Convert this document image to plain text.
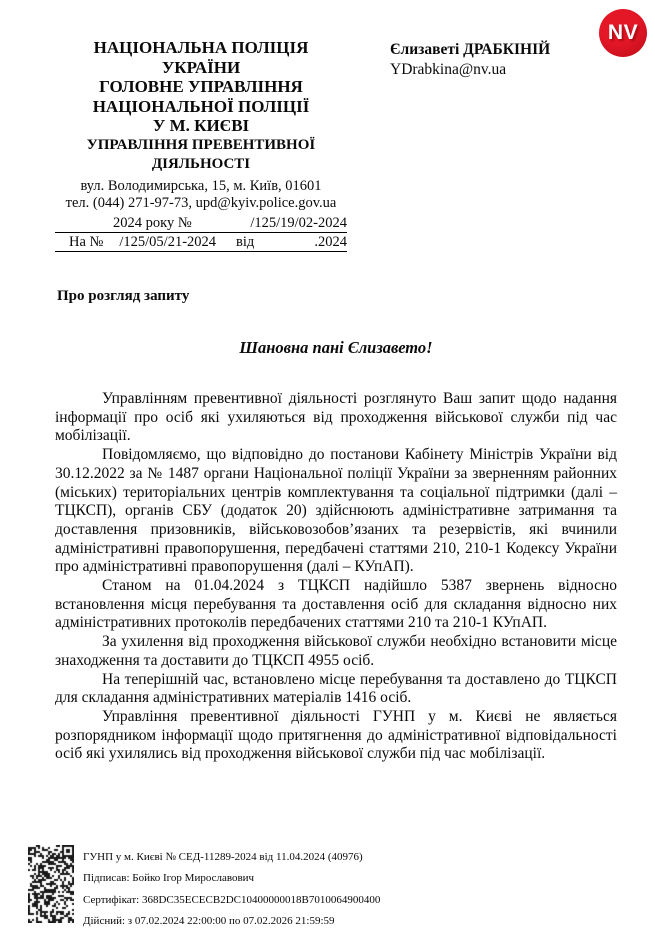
NV
НАЦІОНАЛЬНА ПОЛІЦІЯ
УКРАЇНИ
ГОЛОВНЕ УПРАВЛІННЯ
НАЦІОНАЛЬНОЇ ПОЛІЦІЇ
У М. КИЄВІ
УПРАВЛІННЯ ПРЕВЕНТИВНОЇ
ДІЯЛЬНОСТІ
вул. Володимирська, 15, м. Київ, 01601
тел. (044) 271-97-73, upd@kyiv.police.gov.ua
2024 року №	/125/19/02-2024
На № /125/05/21-2024 від	.2024
Єлизаветі ДРАБКІНІЙ
YDrabkina@nv.ua
Про розгляд запиту
Шановна пані Єлизавето!

Управлінням превентивної діяльності розглянуто Ваш запит щодо надання інформації про осіб які ухиляються від проходження військової служби під час мобілізації.

Повідомляємо, що відповідно до постанови Кабінету Міністрів України від 30.12.2022 за № 1487 органи Національної поліції України за зверненням районних (міських) територіальних центрів комплектування та соціальної підтримки (далі – ТЦКСП), органів СБУ (додаток 20) здійснюють адміністративне затримання та доставлення призовників, військовозобов’язаних та резервістів, які вчинили адміністративні правопорушення, передбачені статтями 210, 210-1 Кодексу України про адміністративні правопорушення (далі – КУпАП).

Станом на 01.04.2024 з ТЦКСП надійшло 5387 звернень відносно встановлення місця перебування та доставлення осіб для складання відносно них адміністративних протоколів передбачених статтями 210 та 210-1 КУпАП.

За ухилення від проходження військової служби необхідно встановити місце знаходження та доставити до ТЦКСП 4955 осіб.

На теперішній час, встановлено місце перебування та доставлено до ТЦКСП для складання адміністративних матеріалів 1416 осіб.

Управління превентивної діяльності ГУНП у м. Києві не являється розпорядником інформації щодо притягнення до адміністративної відповідальності осіб які ухилялись від проходження військової служби під час мобілізації.

ГУНП у м. Києві № СЕД-11289-2024 від 11.04.2024 (40976)
Підписав: Бойко Ігор Мирославович
Сертифікат: 368DC35ECECB2DC10400000018B7010064900400
Дійсний: з 07.02.2024 22:00:00 по 07.02.2026 21:59:59
